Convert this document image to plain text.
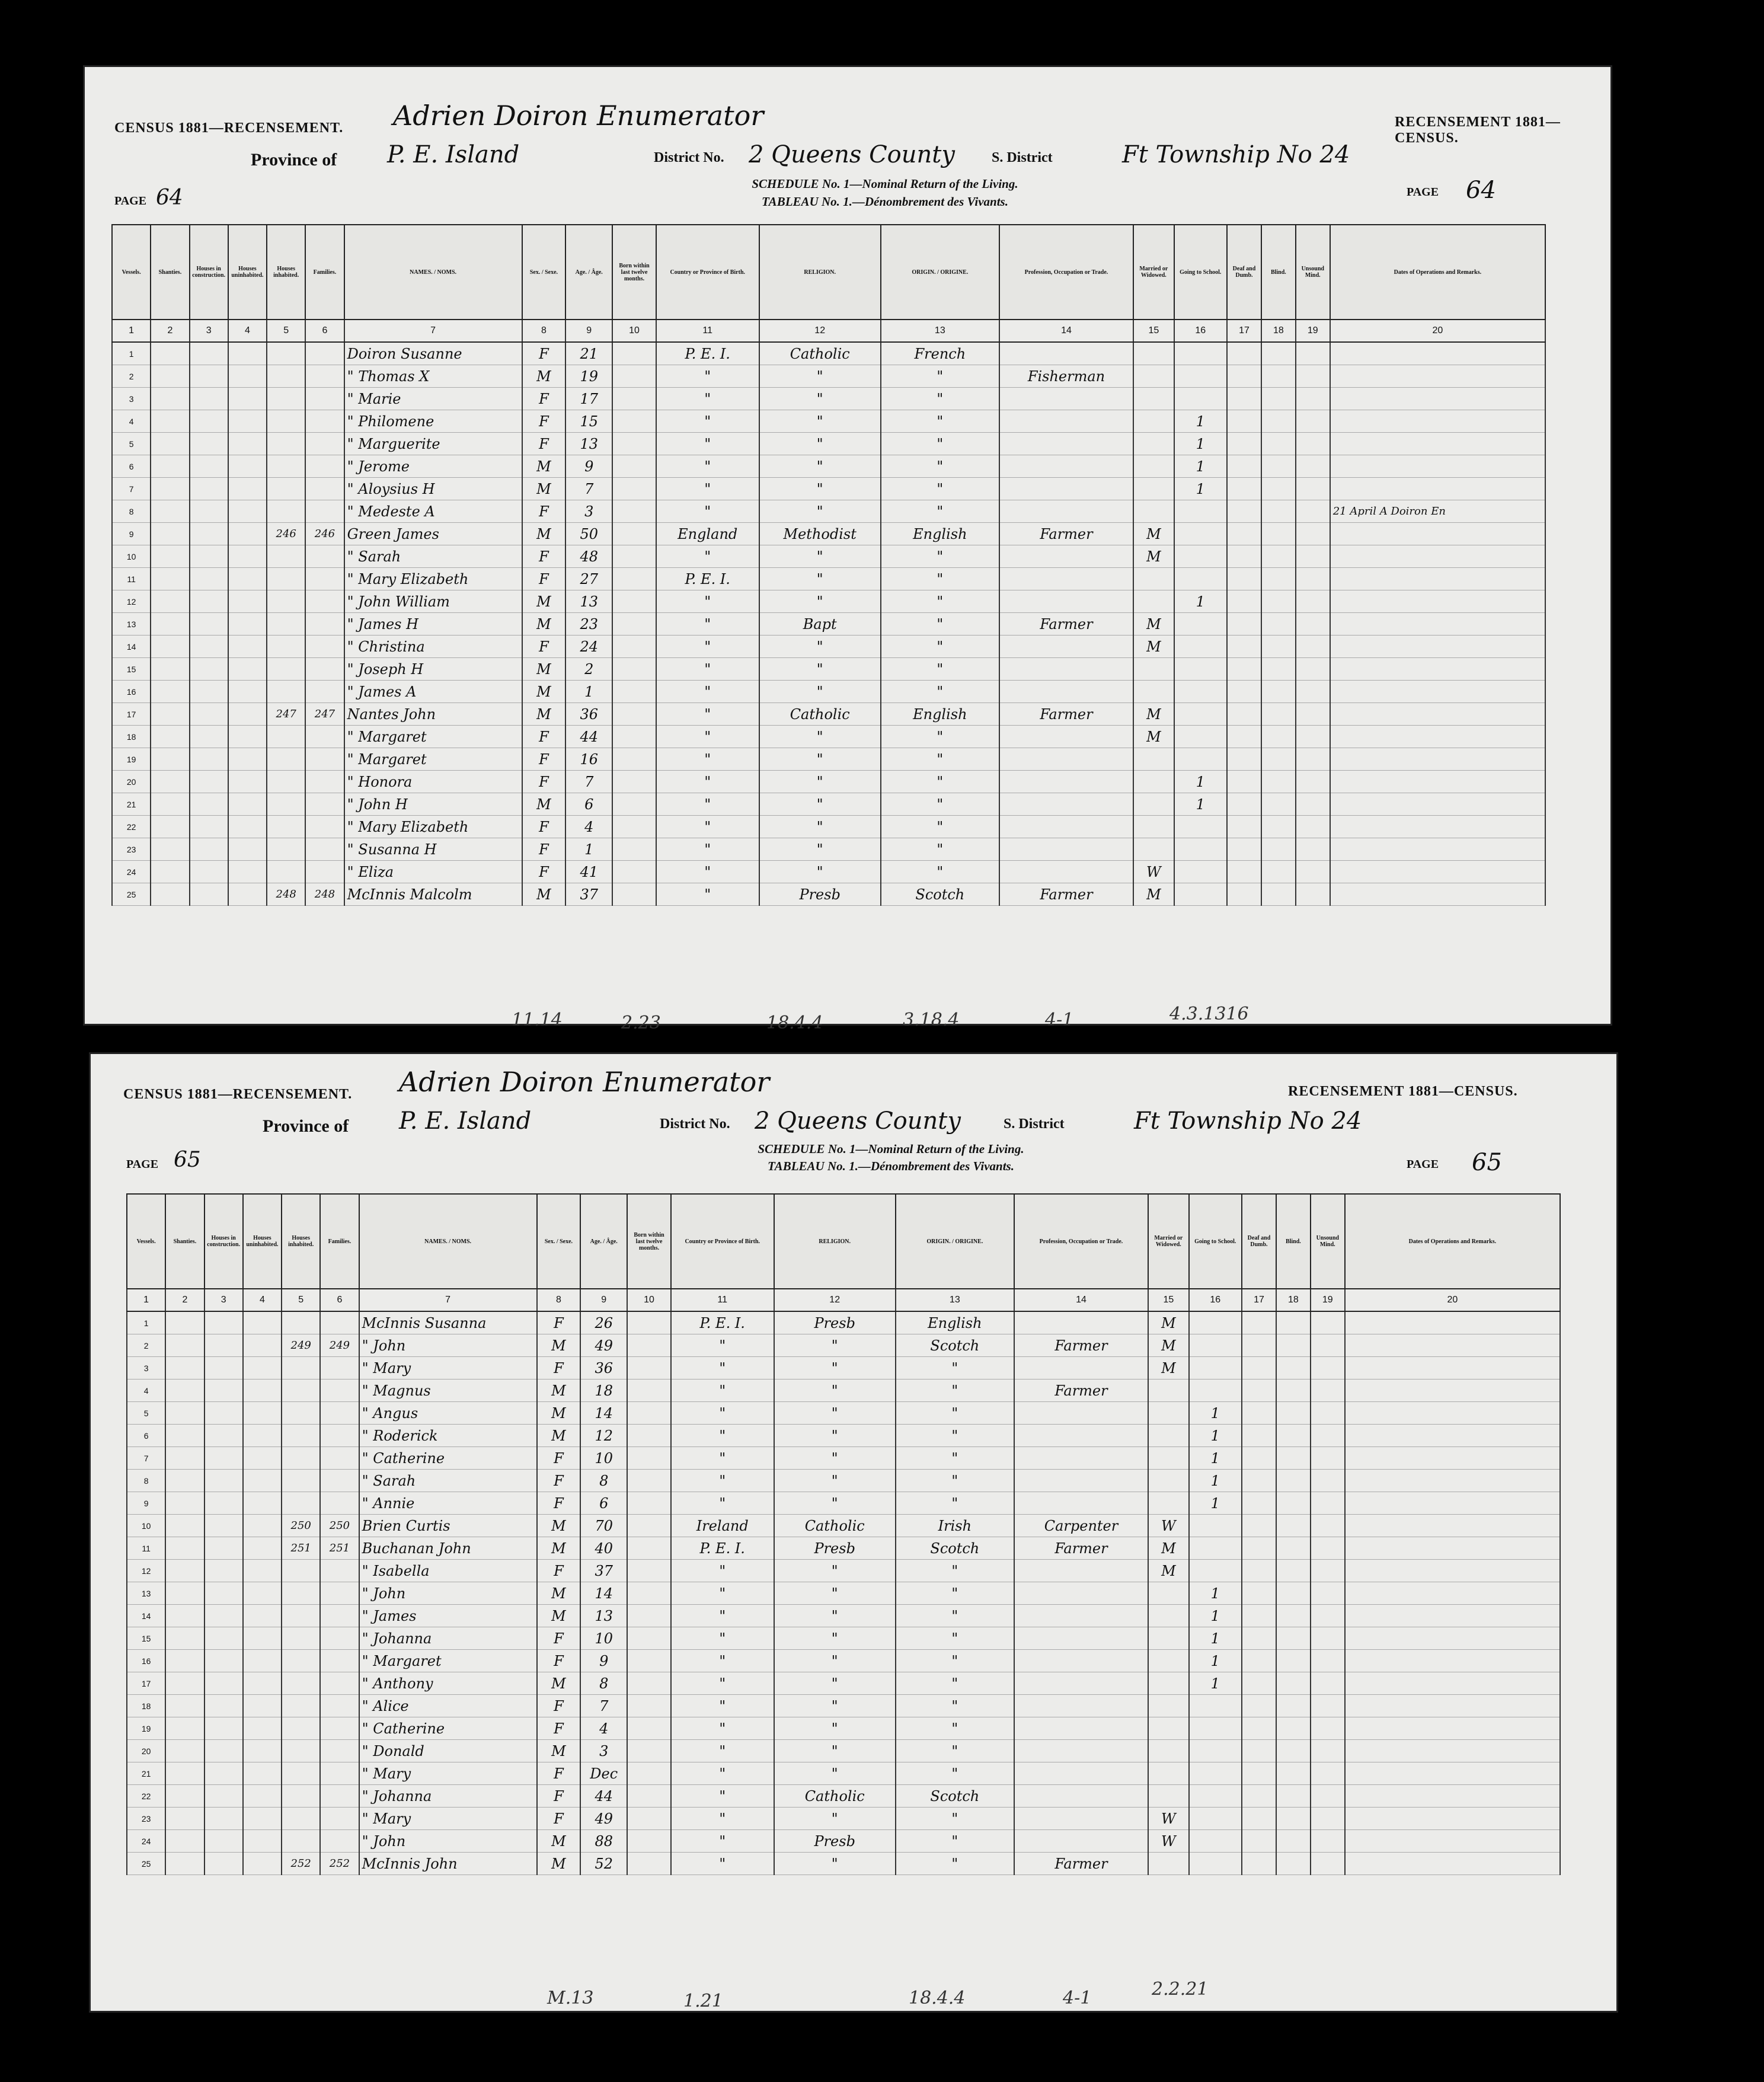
CENSUS 1881—RECENSEMENT.	RECENSEMENT 1881—CENSUS.
Adrien Doiron Enumerator
Province of P. E. Island	District No. 2 Queens County	S. District	Ft Township No 24
SCHEDULE No. 1—Nominal Return of the Living.
TABLEAU No. 1.—Dénombrement des Vivants.
PAGE 64	PAGE 64
Vessels.	Shanties.	Houses in construction.	Houses uninhabited.	Houses inhabited.	Families.	NAMES. / NOMS.	Sex. / Sexe.	Age. / Âge.	Born within last twelve months.	Country or Province of Birth.	RELIGION.	ORIGIN. / ORIGINE.	Profession, Occupation or Trade.	Married or Widowed.	Going to School.	Deaf and Dumb.	Blind.	Unsound Mind.	Dates of Operations and Remarks.
1	2	3	4	5	6	7	8	9	10	11	12	13	14	15	16	17	18	19	20
1						Doiron Susanne	F	21		P. E. I.	Catholic	French							
2						" Thomas X	M	19		"	"	"	Fisherman						
3						" Marie	F	17		"	"	"							
4						" Philomene	F	15		"	"	"			1				
5						" Marguerite	F	13		"	"	"			1				
6						" Jerome	M	9		"	"	"			1				
7						" Aloysius H	M	7		"	"	"			1				
8						" Medeste A	F	3		"	"	"							21 April A Doiron En
9				246	246	Green James	M	50		England	Methodist	English	Farmer	M					
10						" Sarah	F	48		"	"	"		M					
11						" Mary Elizabeth	F	27		P. E. I.	"	"							
12						" John William	M	13		"	"	"			1				
13						" James H	M	23		"	Bapt	"	Farmer	M					
14						" Christina	F	24		"	"	"		M					
15						" Joseph H	M	2		"	"	"							
16						" James A	M	1		"	"	"							
17				247	247	Nantes John	M	36		"	Catholic	English	Farmer	M					
18						" Margaret	F	44		"	"	"		M					
19						" Margaret	F	16		"	"	"							
20						" Honora	F	7		"	"	"			1				
21						" John H	M	6		"	"	"			1				
22						" Mary Elizabeth	F	4		"	"	"							
23						" Susanna H	F	1		"	"	"							
24						" Eliza	F	41		"	"	"		W					
25				248	248	McInnis Malcolm	M	37		"	Presb	Scotch	Farmer	M					
11.14	2.23	18.4.4	3.18.4	4-1	4.3.1316
CENSUS 1881—RECENSEMENT.	RECENSEMENT 1881—CENSUS.
Adrien Doiron Enumerator
Province of P. E. Island	District No. 2 Queens County	S. District	Ft Township No 24
SCHEDULE No. 1—Nominal Return of the Living.
TABLEAU No. 1.—Dénombrement des Vivants.
PAGE 65	PAGE 65
Vessels.	Shanties.	Houses in construction.	Houses uninhabited.	Houses inhabited.	Families.	NAMES. / NOMS.	Sex. / Sexe.	Age. / Âge.	Born within last twelve months.	Country or Province of Birth.	RELIGION.	ORIGIN. / ORIGINE.	Profession, Occupation or Trade.	Married or Widowed.	Going to School.	Deaf and Dumb.	Blind.	Unsound Mind.	Dates of Operations and Remarks.
1	2	3	4	5	6	7	8	9	10	11	12	13	14	15	16	17	18	19	20
1						McInnis Susanna	F	26		P. E. I.	Presb	English		M					
2				249	249	" John	M	49		"	"	Scotch	Farmer	M					
3						" Mary	F	36		"	"	"		M					
4						" Magnus	M	18		"	"	"	Farmer						
5						" Angus	M	14		"	"	"			1				
6						" Roderick	M	12		"	"	"			1				
7						" Catherine	F	10		"	"	"			1				
8						" Sarah	F	8		"	"	"			1				
9						" Annie	F	6		"	"	"			1				
10				250	250	Brien Curtis	M	70		Ireland	Catholic	Irish	Carpenter	W					
11				251	251	Buchanan John	M	40		P. E. I.	Presb	Scotch	Farmer	M					
12						" Isabella	F	37		"	"	"		M					
13						" John	M	14		"	"	"			1				
14						" James	M	13		"	"	"			1				
15						" Johanna	F	10		"	"	"			1				
16						" Margaret	F	9		"	"	"			1				
17						" Anthony	M	8		"	"	"			1				
18						" Alice	F	7		"	"	"							
19						" Catherine	F	4		"	"	"							
20						" Donald	M	3		"	"	"							
21						" Mary	F	Dec		"	"	"							
22						" Johanna	F	44		"	Catholic	Scotch							
23						" Mary	F	49		"	"	"		W					
24						" John	M	88		"	Presb	"		W					
25				252	252	McInnis John	M	52		"	"	"	Farmer						
M.13	1.21	18.4.4	4-1	2.2.21
